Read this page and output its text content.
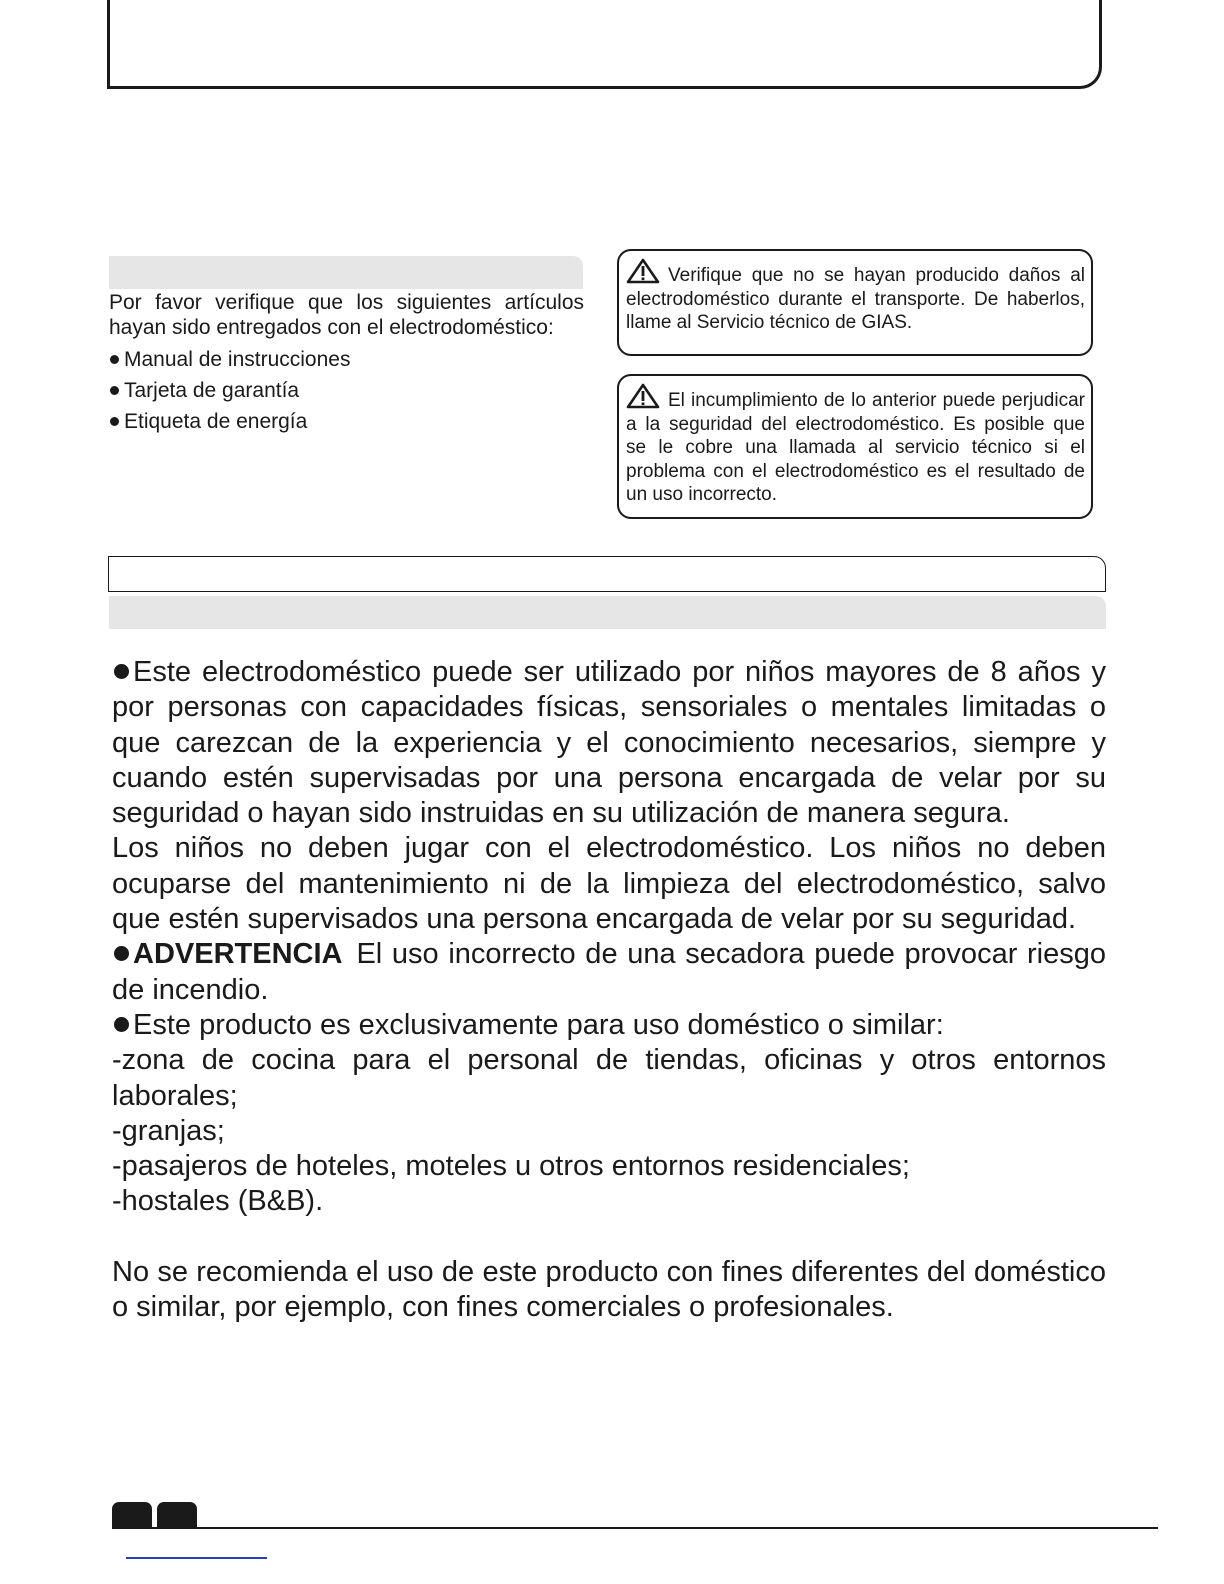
Por favor verifique que los siguientes artículos hayan sido entregados con el electrodoméstico:

Manual de instrucciones
Tarjeta de garantía
Etiqueta de energía
Verifique que no se hayan producido daños al electrodoméstico durante el transporte. De haberlos, llame al Servicio técnico de GIAS.
El incumplimiento de lo anterior puede perjudicar a la seguridad del electrodoméstico. Es posible que se le cobre una llamada al servicio técnico si el problema con el electrodoméstico es el resultado de un uso incorrecto.

Este electrodoméstico puede ser utilizado por niños mayores de 8 años y por personas con capacidades físicas, sensoriales o mentales limitadas o que carezcan de la experiencia y el conocimiento necesarios, siempre y cuando estén supervisadas por una persona encargada de velar por su seguridad o hayan sido instruidas en su utilización de manera segura.

Los niños no deben jugar con el electrodoméstico. Los niños no deben ocuparse del mantenimiento ni de la limpieza del electrodoméstico, salvo que estén supervisados una persona encargada de velar por su seguridad.

ADVERTENCIA El uso incorrecto de una secadora puede provocar riesgo de incendio.

Este producto es exclusivamente para uso doméstico o similar:

-zona de cocina para el personal de tiendas, oficinas y otros entornos laborales;

-granjas;

-pasajeros de hoteles, moteles u otros entornos residenciales;

-hostales (B&B).

No se recomienda el uso de este producto con fines diferentes del doméstico o similar, por ejemplo, con fines comerciales o profesionales.
